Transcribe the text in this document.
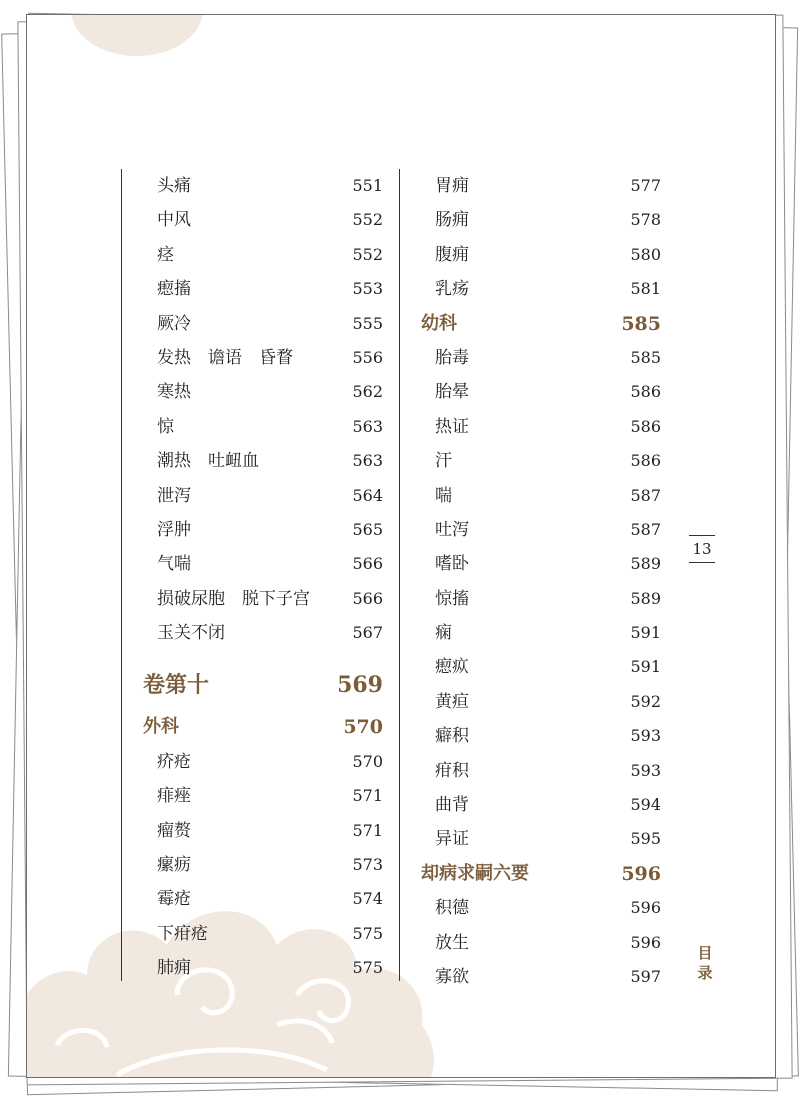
头痛	551
中风	552
痉	552
瘛搐	553
厥冷	555
发热　谵语　昏瞀	556
寒热	562
惊	563
潮热　吐衄血	563
泄泻	564
浮肿	565
气喘	566
损破尿胞　脱下子宫	566
玉关不闭	567
卷第十	569
外科	570
疥疮	570
痱痤	571
瘤赘	571
瘰疬	573
霉疮	574
下疳疮	575
肺痈	575
胃痈	577
肠痈	578
腹痈	580
乳疡	581
幼科	585
胎毒	585
胎晕	586
热证	586
汗	586
喘	587
吐泻	587
嗜卧	589
惊搐	589
痫	591
瘛疭	591
黄疸	592
癖积	593
疳积	593
曲背	594
异证	595
却病求嗣六要	596
积德	596
放生	596
寡欲	597
13
目录
